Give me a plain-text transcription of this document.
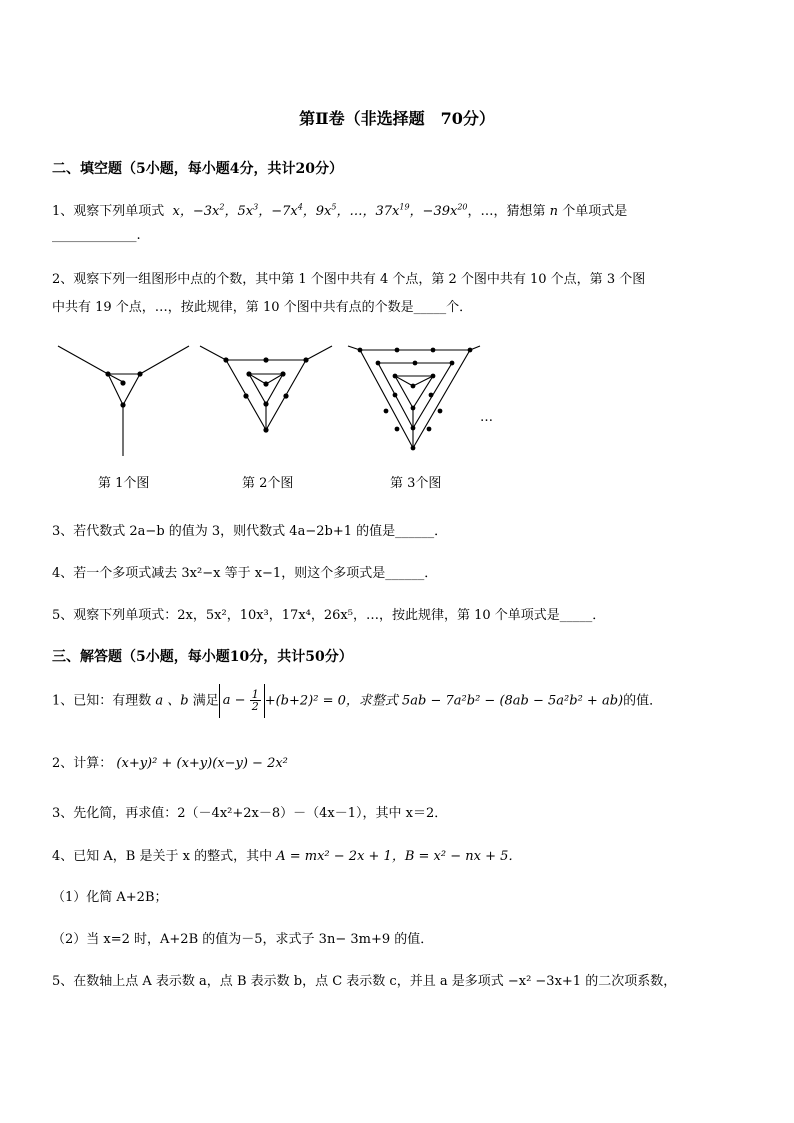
第Ⅱ卷（非选择题　70分）
二、填空题（5小题，每小题4分，共计20分）
1、观察下列单项式  x，$-3x^2$，$5x^3$，$-7x^4$，$9x^5$，…，$37x^{19}$，$-39x^{20}$，…，猜想第 n 个单项式是
_____________.
2、观察下列一组图形中点的个数，其中第 1 个图中共有 4 个点，第 2 个图中共有 10 个点，第 3 个图
中共有 19 个点，…，按此规律，第 10 个图中共有点的个数是_____个．
…
第 1个图	第 2个图	第 3个图
3、若代数式 2a−b 的值为 3，则代数式 4a−2b+1 的值是______．
4、若一个多项式减去 3x²−x 等于 x−1，则这个多项式是______．
5、观察下列单项式：2x，5x²，10x³，17x⁴，26x⁵，…，按此规律，第 10 个单项式是_____．
三、解答题（5小题，每小题10分，共计50分）
1、已知：有理数 a 、b 满足 $a - \frac{1}{2} +(b+2)^2 = 0$，求整式 5ab − 7a²b² − (8ab − 5a²b² + ab)的值．
2、计算： (x+y)² + (x+y)(x−y) − 2x²
3、先化简，再求值：2（－4x²+2x－8）－（4x－1），其中 x＝2．
4、已知 A，B 是关于 x 的整式，其中 A = mx² − 2x + 1，B = x² − nx + 5．
（1）化简 A+2B；
（2）当 x=2 时，A+2B 的值为－5，求式子 3n− 3m+9 的值．
5、在数轴上点 A 表示数 a，点 B 表示数 b，点 C 表示数 c，并且 a 是多项式 −x² −3x+1 的二次项系数，
